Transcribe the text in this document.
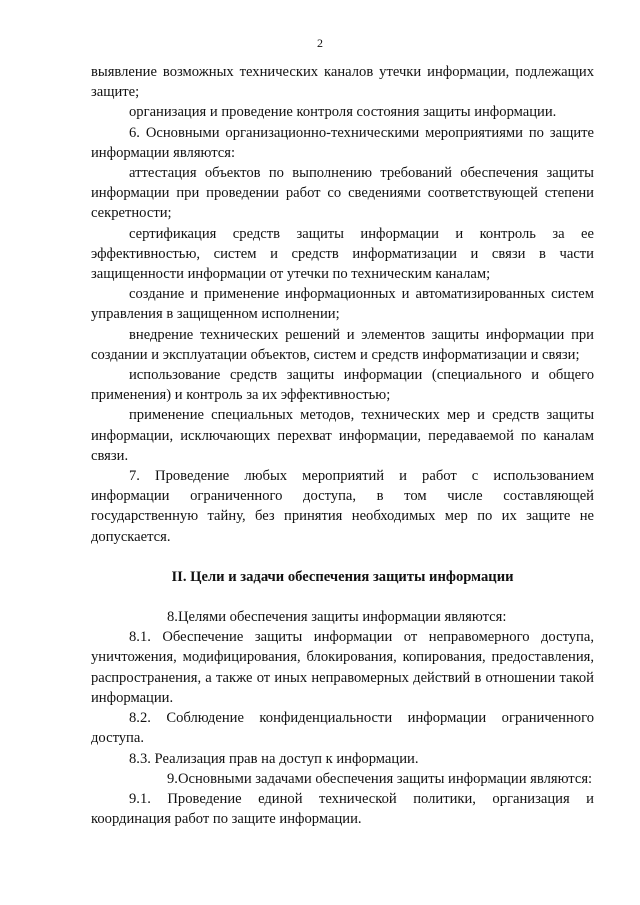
2

выявление возможных технических каналов утечки информации, подлежащих защите;

организация и проведение контроля состояния защиты информации.

6. Основными организационно-техническими мероприятиями по защите информации являются:

аттестация объектов по выполнению требований обеспечения защиты информации при проведении работ со сведениями соответствующей степени секретности;

сертификация средств защиты информации и контроль за ее эффективностью, систем и средств информатизации и связи в части защищенности информации от утечки по техническим каналам;

создание и применение информационных и автоматизированных систем управления в защищенном исполнении;

внедрение технических решений и элементов защиты информации при создании и эксплуатации объектов, систем и средств информатизации и связи;

использование средств защиты информации (специального и общего применения) и контроль за их эффективностью;

применение специальных методов, технических мер и средств защиты информации, исключающих перехват информации, передаваемой по каналам связи.

7. Проведение любых мероприятий и работ с использованием информации ограниченного доступа, в том числе составляющей государственную тайну, без принятия необходимых мер по их защите не допускается.

II. Цели и задачи обеспечения защиты информации

8.Целями обеспечения защиты информации являются:

8.1. Обеспечение защиты информации от неправомерного доступа, уничтожения, модифицирования, блокирования, копирования, предоставления, распространения, а также от иных неправомерных действий в отношении такой информации.

8.2. Соблюдение конфиденциальности информации ограниченного доступа.

8.3. Реализация прав на доступ к информации.

9.Основными задачами обеспечения защиты информации являются:

9.1. Проведение единой технической политики, организация и координация работ по защите информации.
